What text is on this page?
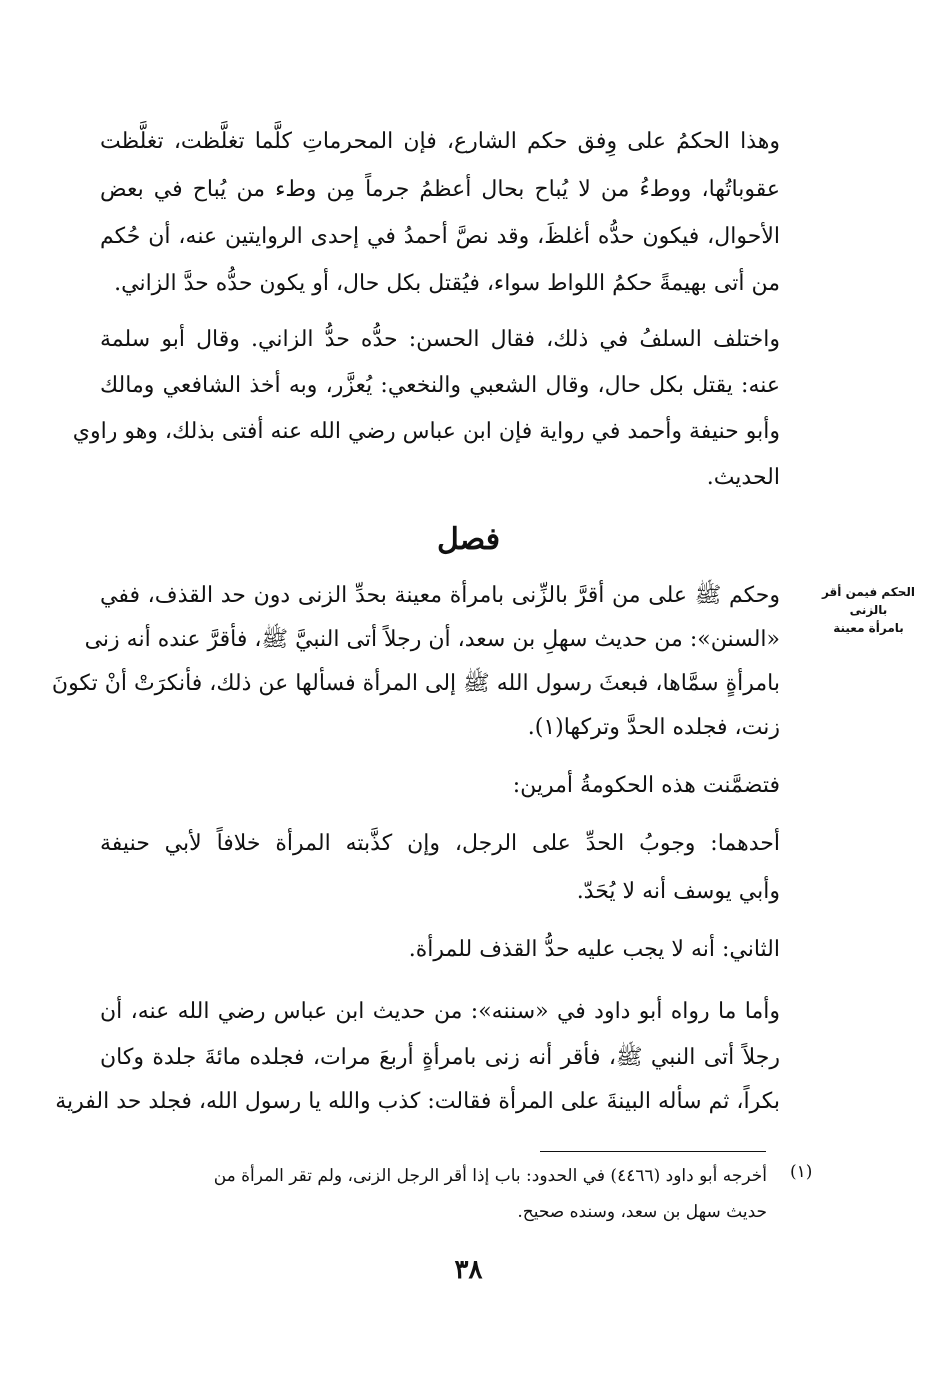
وهذا الحكمُ على وِفق حكم الشارع، فإن المحرماتِ كلَّما تغلَّظت، تغلَّظت
عقوباتُها، ووطءُ من لا يُباح بحال أعظمُ جرماً مِن وطء من يُباح في بعض
الأحوال، فيكون حدُّه أغلظَ، وقد نصَّ أحمدُ في إحدى الروايتين عنه، أن حُكم
من أتى بهيمةً حكمُ اللواط سواء، فيُقتل بكل حال، أو يكون حدُّه حدَّ الزاني.
واختلف السلفُ في ذلك، فقال الحسن: حدُّه حدُّ الزاني. وقال أبو سلمة
عنه: يقتل بكل حال، وقال الشعبي والنخعي: يُعزَّر، وبه أخذ الشافعي ومالك
وأبو حنيفة وأحمد في رواية فإن ابن عباس رضي الله عنه أفتى بذلك، وهو راوي
الحديث.
وحكم ﷺ على من أقرَّ بالزِّنى بامرأة معينة بحدِّ الزنى دون حد القذف، ففي
«السنن»: من حديث سهلِ بن سعد، أن رجلاً أتى النبيَّ ﷺ، فأقرَّ عنده أنه زنى
بامرأةٍ سمَّاها، فبعثَ رسول الله ﷺ إلى المرأة فسألها عن ذلك، فأنكرَتْ أنْ تكونَ
زنت، فجلده الحدَّ وتركها(١).
فتضمَّنت هذه الحكومةُ أمرين:
أحدهما: وجوبُ الحدِّ على الرجل، وإن كذَّبته المرأة خلافاً لأبي حنيفة
وأبي يوسف أنه لا يُحَدّ.
الثاني: أنه لا يجب عليه حدُّ القذف للمرأة.
وأما ما رواه أبو داود في «سننه»: من حديث ابن عباس رضي الله عنه، أن
رجلاً أتى النبي ﷺ، فأقر أنه زنى بامرأةٍ أربعَ مرات، فجلده مائةَ جلدة وكان
بكراً، ثم سأله البينةَ على المرأة فقالت: كذب والله يا رسول الله، فجلد حد الفرية
فصل
الحكم فيمن أقر بالزنى
بامرأة معينة
(١)
أخرجه أبو داود (٤٤٦٦) في الحدود: باب إذا أقر الرجل الزنى، ولم تقر المرأة من
حديث سهل بن سعد، وسنده صحيح.
٣٨
